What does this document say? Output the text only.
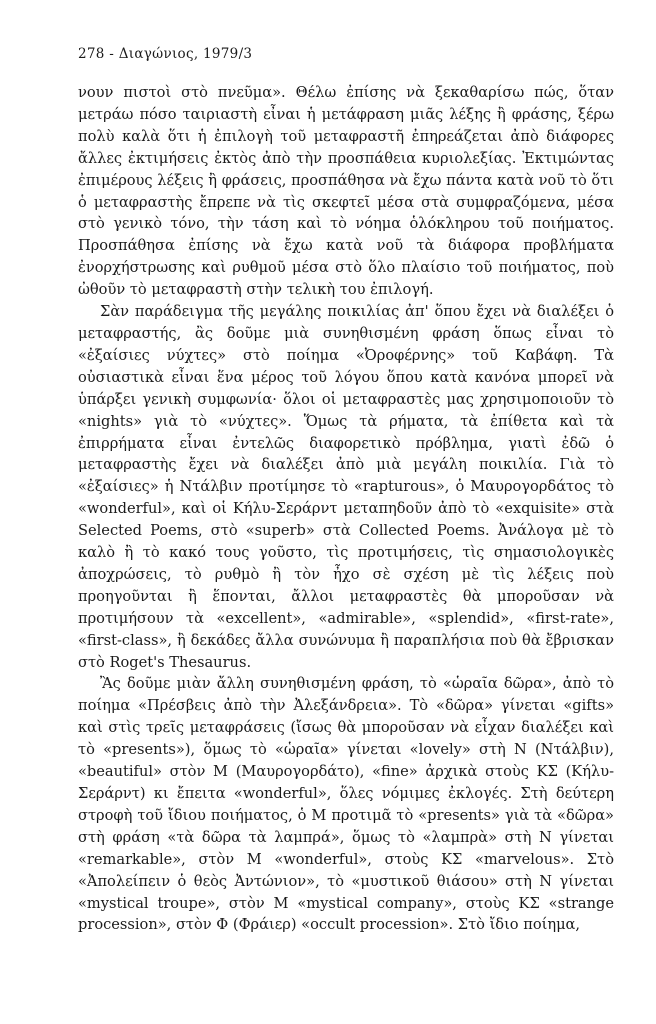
278 - Διαγώνιος, 1979/3

νουν πιστοὶ στὸ πνεῦμα». Θέλω ἐπίσης νὰ ξεκαθαρίσω πώς, ὅταν μετράω πόσο ταιριαστὴ εἶναι ἡ μετάφραση μιᾶς λέξης ἢ φράσης, ξέρω πολὺ καλὰ ὅτι ἡ ἐπιλογὴ τοῦ μεταφραστῆ ἐπηρεάζεται ἀπὸ διάφορες ἄλλες ἐκτιμήσεις ἐκτὸς ἀπὸ τὴν προσπάθεια κυριολεξίας. Ἐκτιμώντας ἐπιμέρους λέξεις ἢ φράσεις, προσπάθησα νὰ ἔχω πάντα κατὰ νοῦ τὸ ὅτι ὁ μεταφραστὴς ἔπρεπε νὰ τὶς σκεφτεῖ μέσα στὰ συμφραζόμενα, μέσα στὸ γενικὸ τόνο, τὴν τάση καὶ τὸ νόημα ὁλόκληρου τοῦ ποιήματος. Προσπάθησα ἐπίσης νὰ ἔχω κατὰ νοῦ τὰ διάφορα προβλήματα ἐνορχήστρωσης καὶ ρυθμοῦ μέσα στὸ ὅλο πλαίσιο τοῦ ποιήματος, ποὺ ὠθοῦν τὸ μεταφραστὴ στὴν τελικὴ του ἐπιλογή.

Σὰν παράδειγμα τῆς μεγάλης ποικιλίας ἀπ' ὅπου ἔχει νὰ διαλέξει ὁ μεταφραστής, ἂς δοῦμε μιὰ συνηθισμένη φράση ὅπως εἶναι τὸ «ἐξαίσιες νύχτες» στὸ ποίημα «Ὀροφέρνης» τοῦ Καβάφη. Τὰ οὐσιαστικὰ εἶναι ἕνα μέρος τοῦ λόγου ὅπου κατὰ κανόνα μπορεῖ νὰ ὑπάρξει γενικὴ συμφωνία· ὅλοι οἱ μεταφραστὲς μας χρησιμοποιοῦν τὸ «nights» γιὰ τὸ «νύχτες». Ὅμως τὰ ρήματα, τὰ ἐπίθετα καὶ τὰ ἐπιρρήματα εἶναι ἐντελῶς διαφορετικὸ πρόβλημα, γιατὶ ἐδῶ ὁ μεταφραστὴς ἔχει νὰ διαλέξει ἀπὸ μιὰ μεγάλη ποικιλία. Γιὰ τὸ «ἐξαίσιες» ἡ Ντάλβιν προτίμησε τὸ «rapturous», ὁ Μαυρογορδάτος τὸ «wonderful», καὶ οἱ Κήλυ-Σεράρντ μεταπηδοῦν ἀπὸ τὸ «exquisite» στὰ Selected Poems, στὸ «superb» στὰ Collected Poems. Ἀνάλογα μὲ τὸ καλὸ ἢ τὸ κακό τους γοῦστο, τὶς προτιμήσεις, τὶς σημασιολογικὲς ἀποχρώσεις, τὸ ρυθμὸ ἢ τὸν ἦχο σὲ σχέση μὲ τὶς λέξεις ποὺ προηγοῦνται ἢ ἕπονται, ἄλλοι μεταφραστὲς θὰ μποροῦσαν νὰ προτιμήσουν τὰ «excellent», «admirable», «splendid», «first-rate», «first-class», ἢ δεκάδες ἄλλα συνώνυμα ἢ παραπλήσια ποὺ θὰ ἔβρισκαν στὸ Roget's Thesaurus.

Ἂς δοῦμε μιὰν ἄλλη συνηθισμένη φράση, τὸ «ὡραῖα δῶρα», ἀπὸ τὸ ποίημα «Πρέσβεις ἀπὸ τὴν Ἀλεξάνδρεια». Τὸ «δῶρα» γίνεται «gifts» καὶ στὶς τρεῖς μεταφράσεις (ἴσως θὰ μποροῦσαν νὰ εἶχαν διαλέξει καὶ τὸ «presents»), ὅμως τὸ «ὡραῖα» γίνεται «lovely» στὴ Ν (Ντάλβιν), «beautiful» στὸν Μ (Μαυρογορδάτο), «fine» ἀρχικὰ στοὺς ΚΣ (Κήλυ-Σεράρντ) κι ἔπειτα «wonderful», ὅλες νόμιμες ἐκλογές. Στὴ δεύτερη στροφὴ τοῦ ἴδιου ποιήματος, ὁ Μ προτιμᾶ τὸ «presents» γιὰ τὰ «δῶρα» στὴ φράση «τὰ δῶρα τὰ λαμπρά», ὅμως τὸ «λαμπρὰ» στὴ Ν γίνεται «remarkable», στὸν Μ «wonderful», στοὺς ΚΣ «marvelous». Στὸ «Ἀπολείπειν ὁ θεὸς Ἀντώνιον», τὸ «μυστικοῦ θιάσου» στὴ Ν γίνεται «mystical troupe», στὸν Μ «mystical company», στοὺς ΚΣ «strange procession», στὸν Φ (Φράιερ) «occult procession». Στὸ ἴδιο ποίημα,
